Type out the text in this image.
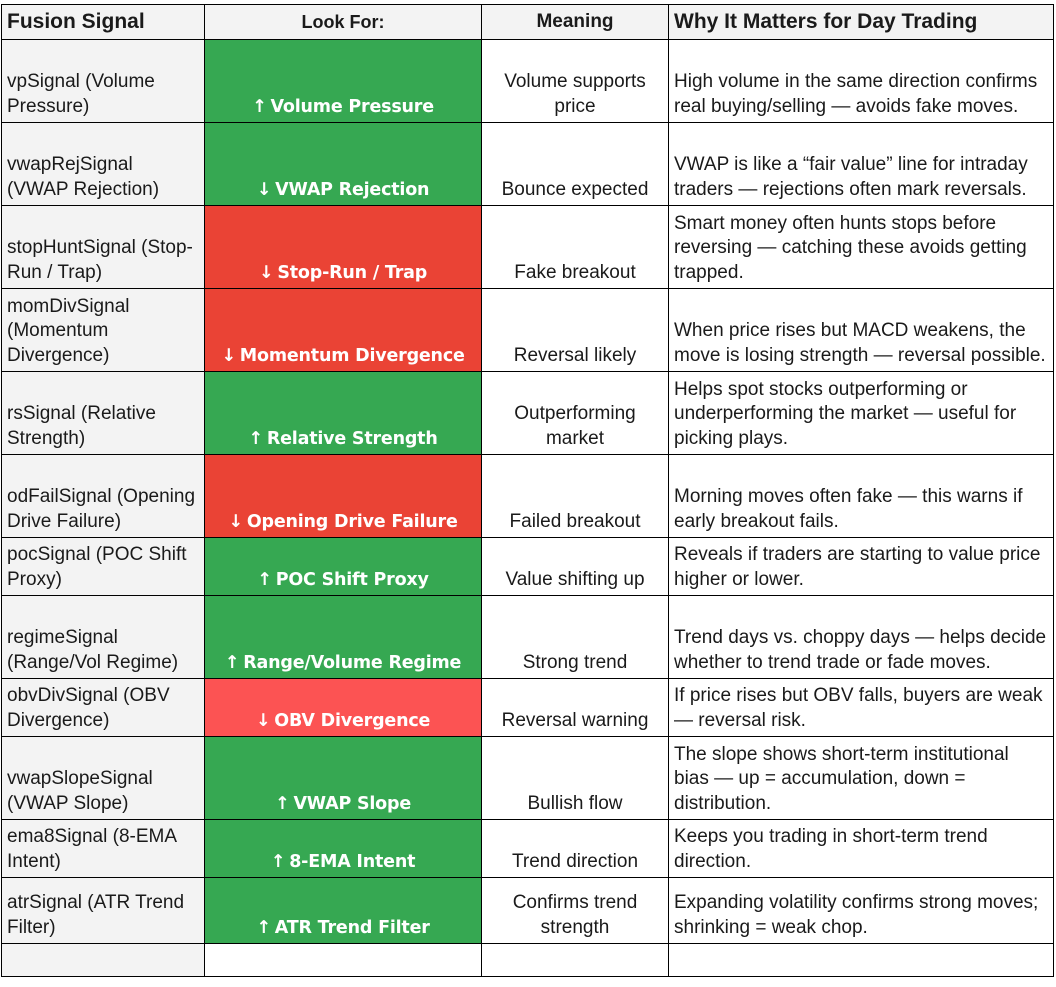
Fusion Signal	Look For:	Meaning	Why It Matters for Day Trading
vpSignal (Volume Pressure)	↑ Volume Pressure	Volume supports price	High volume in the same direction confirms real buying/selling — avoids fake moves.
vwapRejSignal (VWAP Rejection)	↓ VWAP Rejection	Bounce expected	VWAP is like a “fair value” line for intraday traders — rejections often mark reversals.
stopHuntSignal (Stop-Run / Trap)	↓ Stop-Run / Trap	Fake breakout	Smart money often hunts stops before reversing — catching these avoids getting trapped.
momDivSignal (Momentum Divergence)	↓ Momentum Divergence	Reversal likely	When price rises but MACD weakens, the move is losing strength — reversal possible.
rsSignal (Relative Strength)	↑ Relative Strength	Outperforming market	Helps spot stocks outperforming or underperforming the market — useful for picking plays.
odFailSignal (Opening Drive Failure)	↓ Opening Drive Failure	Failed breakout	Morning moves often fake — this warns if early breakout fails.
pocSignal (POC Shift Proxy)	↑ POC Shift Proxy	Value shifting up	Reveals if traders are starting to value price higher or lower.
regimeSignal (Range/Vol Regime)	↑ Range/Volume Regime	Strong trend	Trend days vs. choppy days — helps decide whether to trend trade or fade moves.
obvDivSignal (OBV Divergence)	↓ OBV Divergence	Reversal warning	If price rises but OBV falls, buyers are weak — reversal risk.
vwapSlopeSignal (VWAP Slope)	↑ VWAP Slope	Bullish flow	The slope shows short-term institutional bias — up = accumulation, down = distribution.
ema8Signal (8-EMA Intent)	↑ 8-EMA Intent	Trend direction	Keeps you trading in short-term trend direction.
atrSignal (ATR Trend Filter)	↑ ATR Trend Filter	Confirms trend strength	Expanding volatility confirms strong moves; shrinking = weak chop.
